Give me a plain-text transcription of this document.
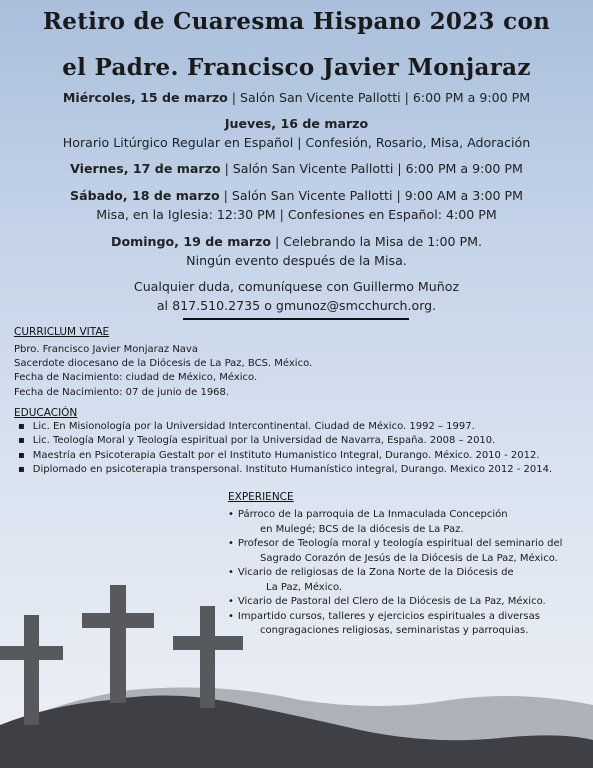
Retiro de Cuaresma Hispano 2023 con
el Padre. Francisco Javier Monjaraz
Miércoles, 15 de marzo | Salón San Vicente Pallotti | 6:00 PM a 9:00 PM
Jueves, 16 de marzo
Horario Litúrgico Regular en Español | Confesión, Rosario, Misa, Adoración
Viernes, 17 de marzo | Salón San Vicente Pallotti | 6:00 PM a 9:00 PM
Sábado, 18 de marzo | Salón San Vicente Pallotti | 9:00 AM a 3:00 PM
Misa, en la Iglesia: 12:30 PM | Confesiones en Español: 4:00 PM
Domingo, 19 de marzo | Celebrando la Misa de 1:00 PM.
Ningún evento después de la Misa.
Cualquier duda, comuníquese con Guillermo Muñoz
al 817.510.2735 o gmunoz@smcchurch.org.
CURRICLUM VITAE
Pbro. Francisco Javier Monjaraz Nava
Sacerdote diocesano de la Diócesis de La Paz, BCS. México.
Fecha de Nacimiento: ciudad de México, México.
Fecha de Nacimiento: 07 de junio de 1968.
EDUCACIÓN
▪ Lic. En Misionología por la Universidad Intercontinental. Ciudad de México. 1992 – 1997.
▪ Lic. Teología Moral y Teología espiritual por la Universidad de Navarra, España. 2008 – 2010.
▪ Maestría en Psicoterapia Gestalt por el Instituto Humanistico Integral, Durango. México. 2010 - 2012.
▪ Diplomado en psicoterapia transpersonal. Instituto Humanístico integral, Durango. Mexico 2012 - 2014.
EXPERIENCE
• Párroco de la parroquia de La Inmaculada Concepción
en Mulegé; BCS de la diócesis de La Paz.
• Profesor de Teología moral y teología espiritual del seminario del
Sagrado Corazón de Jesús de la Diócesis de La Paz, México.
• Vicario de religiosas de la Zona Norte de la Diócesis de
La Paz, México.
• Vicario de Pastoral del Clero de la Diócesis de La Paz, México.
• Impartido cursos, talleres y ejercicios espirituales a diversas
congragaciones religiosas, seminaristas y parroquias.
